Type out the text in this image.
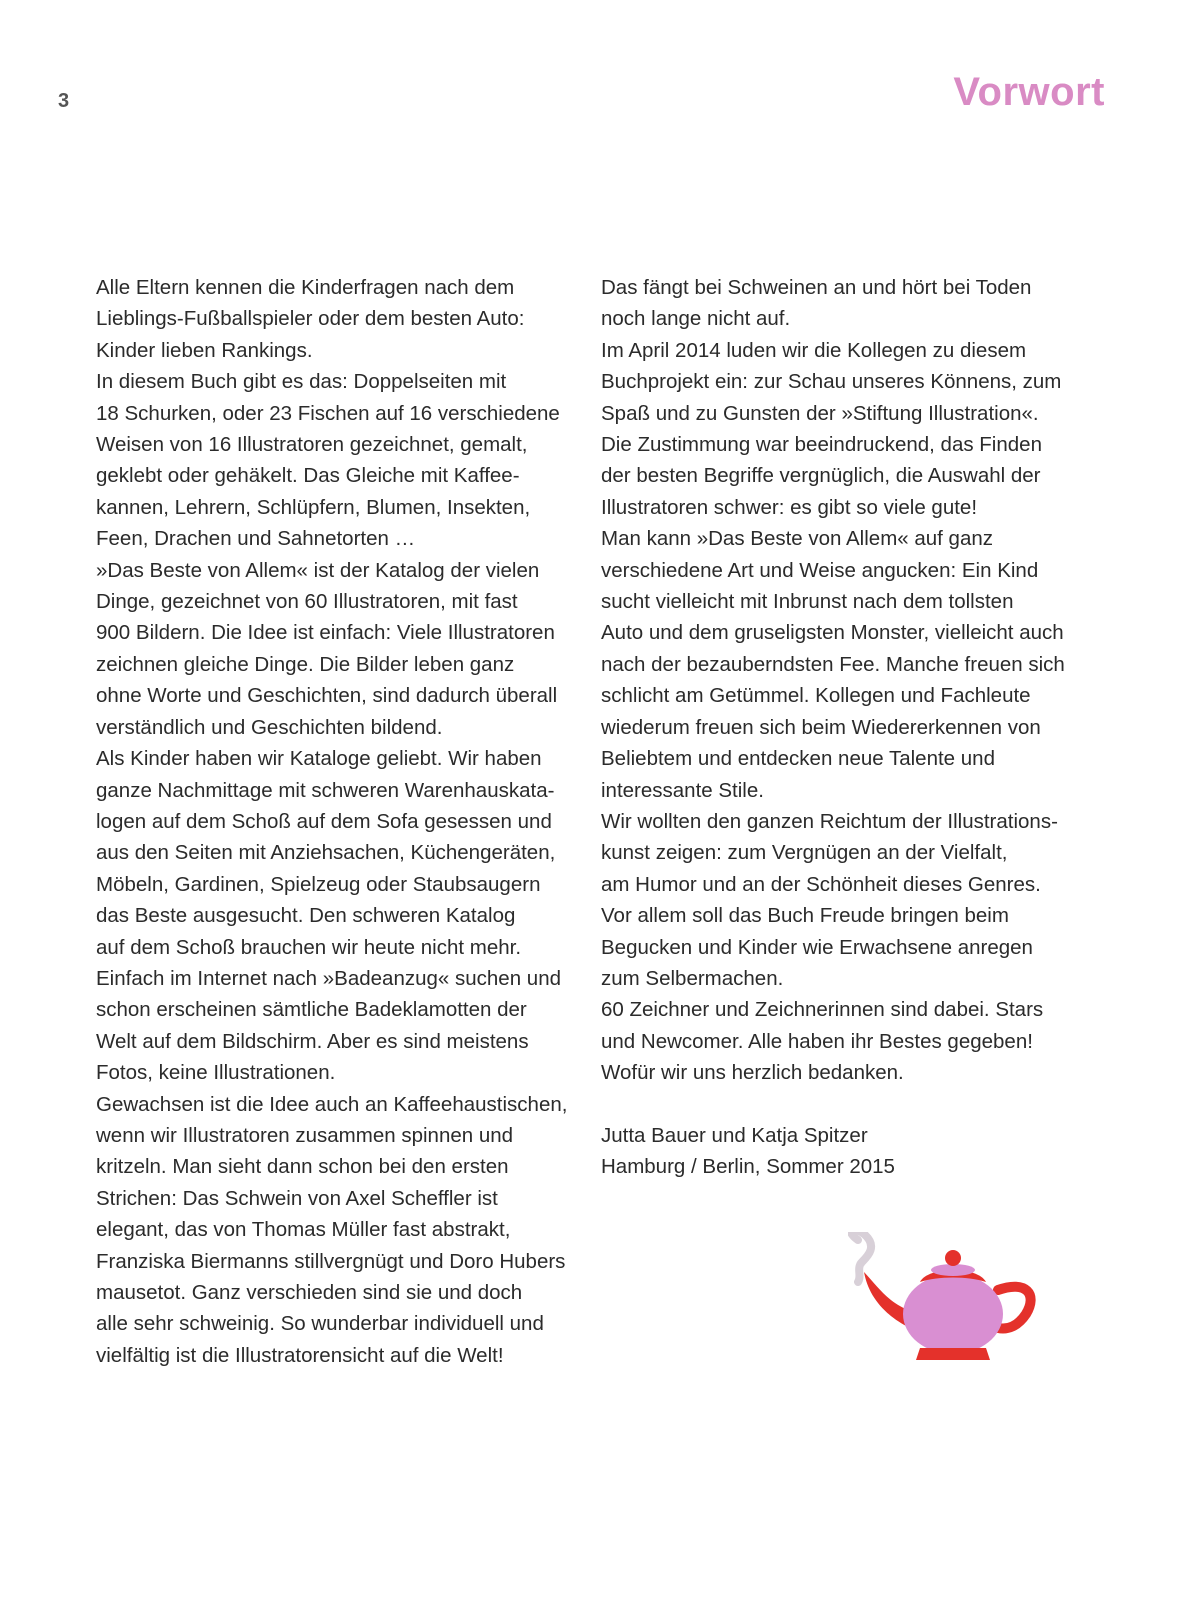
3	Vorwort
Alle Eltern kennen die Kinderfragen nach dem
Lieblings-Fußballspieler oder dem besten Auto:
Kinder lieben Rankings.
In diesem Buch gibt es das: Doppelseiten mit
18 Schurken, oder 23 Fischen auf 16 verschiedene
Weisen von 16 Illustratoren gezeichnet, gemalt,
geklebt oder gehäkelt. Das Gleiche mit Kaffee-
kannen, Lehrern, Schlüpfern, Blumen, Insekten,
Feen, Drachen und Sahnetorten …
»Das Beste von Allem« ist der Katalog der vielen
Dinge, gezeichnet von 60 Illustratoren, mit fast
900 Bildern. Die Idee ist einfach: Viele Illustratoren
zeichnen gleiche Dinge. Die Bilder leben ganz
ohne Worte und Geschichten, sind dadurch überall
verständlich und Geschichten bildend.
Als Kinder haben wir Kataloge geliebt. Wir haben
ganze Nachmittage mit schweren Warenhauskata-
logen auf dem Schoß auf dem Sofa gesessen und
aus den Seiten mit Anziehsachen, Küchengeräten,
Möbeln, Gardinen, Spielzeug oder Staubsaugern
das Beste ausgesucht. Den schweren Katalog
auf dem Schoß brauchen wir heute nicht mehr.
Einfach im Internet nach »Badeanzug« suchen und
schon erscheinen sämtliche Badeklamotten der
Welt auf dem Bildschirm. Aber es sind meistens
Fotos, keine Illustrationen.
Gewachsen ist die Idee auch an Kaffeehaustischen,
wenn wir Illustratoren zusammen spinnen und
kritzeln. Man sieht dann schon bei den ersten
Strichen: Das Schwein von Axel Scheffler ist
elegant, das von Thomas Müller fast abstrakt,
Franziska Biermanns stillvergnügt und Doro Hubers
mausetot. Ganz verschieden sind sie und doch
alle sehr schweinig. So wunderbar individuell und
vielfältig ist die Illustratorensicht auf die Welt!
Das fängt bei Schweinen an und hört bei Toden
noch lange nicht auf.
Im April 2014 luden wir die Kollegen zu diesem
Buchprojekt ein: zur Schau unseres Könnens, zum
Spaß und zu Gunsten der »Stiftung Illustration«.
Die Zustimmung war beeindruckend, das Finden
der besten Begriffe vergnüglich, die Auswahl der
Illustratoren schwer: es gibt so viele gute!
Man kann »Das Beste von Allem« auf ganz
verschiedene Art und Weise angucken: Ein Kind
sucht vielleicht mit Inbrunst nach dem tollsten
Auto und dem gruseligsten Monster, vielleicht auch
nach der bezauberndsten Fee. Manche freuen sich
schlicht am Getümmel. Kollegen und Fachleute
wiederum freuen sich beim Wiedererkennen von
Beliebtem und entdecken neue Talente und
interessante Stile.
Wir wollten den ganzen Reichtum der Illustrations-
kunst zeigen: zum Vergnügen an der Vielfalt,
am Humor und an der Schönheit dieses Genres.
Vor allem soll das Buch Freude bringen beim
Begucken und Kinder wie Erwachsene anregen
zum Selbermachen.
60 Zeichner und Zeichnerinnen sind dabei. Stars
und Newcomer. Alle haben ihr Bestes gegeben!
Wofür wir uns herzlich bedanken.
Jutta Bauer und Katja Spitzer
Hamburg / Berlin, Sommer 2015
